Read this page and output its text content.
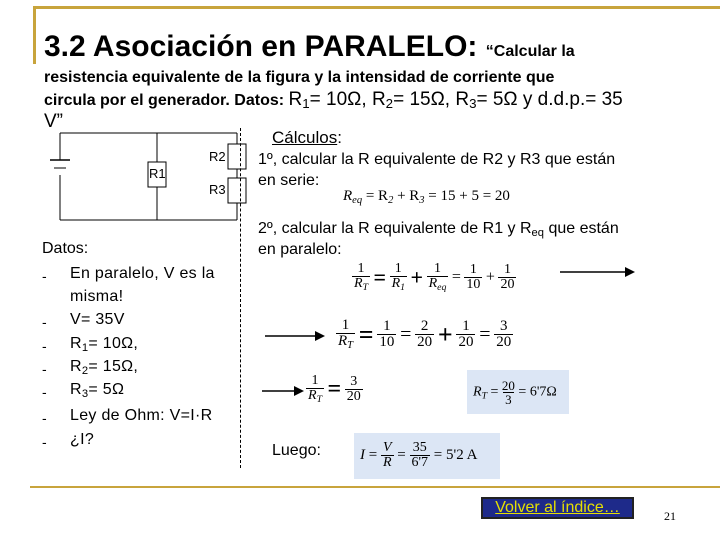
3.2 Asociación en PARALELO: “Calcular la
resistencia equivalente de la figura y la intensidad de corriente que
circula por el generador. Datos: $R_1= 10\Omega$, $R_2= 15\Omega$, $R_3= 5\Omega$ y d.d.p.= 35
V”
R1
R2
R3
Datos:
- En paralelo, V es la
misma!
- V= 35V
- $R_1= 10\Omega$,
- $R_2= 15\Omega$,
- $R_3= 5\Omega$
- Ley de Ohm: V=I·R
- ¿I?
Cálculos:
1º, calcular la R equivalente de R2 y R3 que están
en serie:
$R_{eq} = R_2 + R_3 = 15 + 5 = 20$
2º, calcular la R equivalente de R1 y $R_{eq}$ que están
en paralelo:
$\frac{1}{R_T} = \frac{1}{R_1} + \frac{1}{R_{eq}} = \frac{1}{10} + \frac{1}{20}$
$\frac{1}{R_T} = \frac{1}{10} = \frac{2}{20} + \frac{1}{20} = \frac{3}{20}$
$\frac{1}{R_T} = \frac{3}{20}$	$R_T = \frac{20}{3} = 6'7\Omega$
Luego:	$I = \frac{V}{R} = \frac{35}{6'7} = 5'2$ A
Volver al índice…	21
